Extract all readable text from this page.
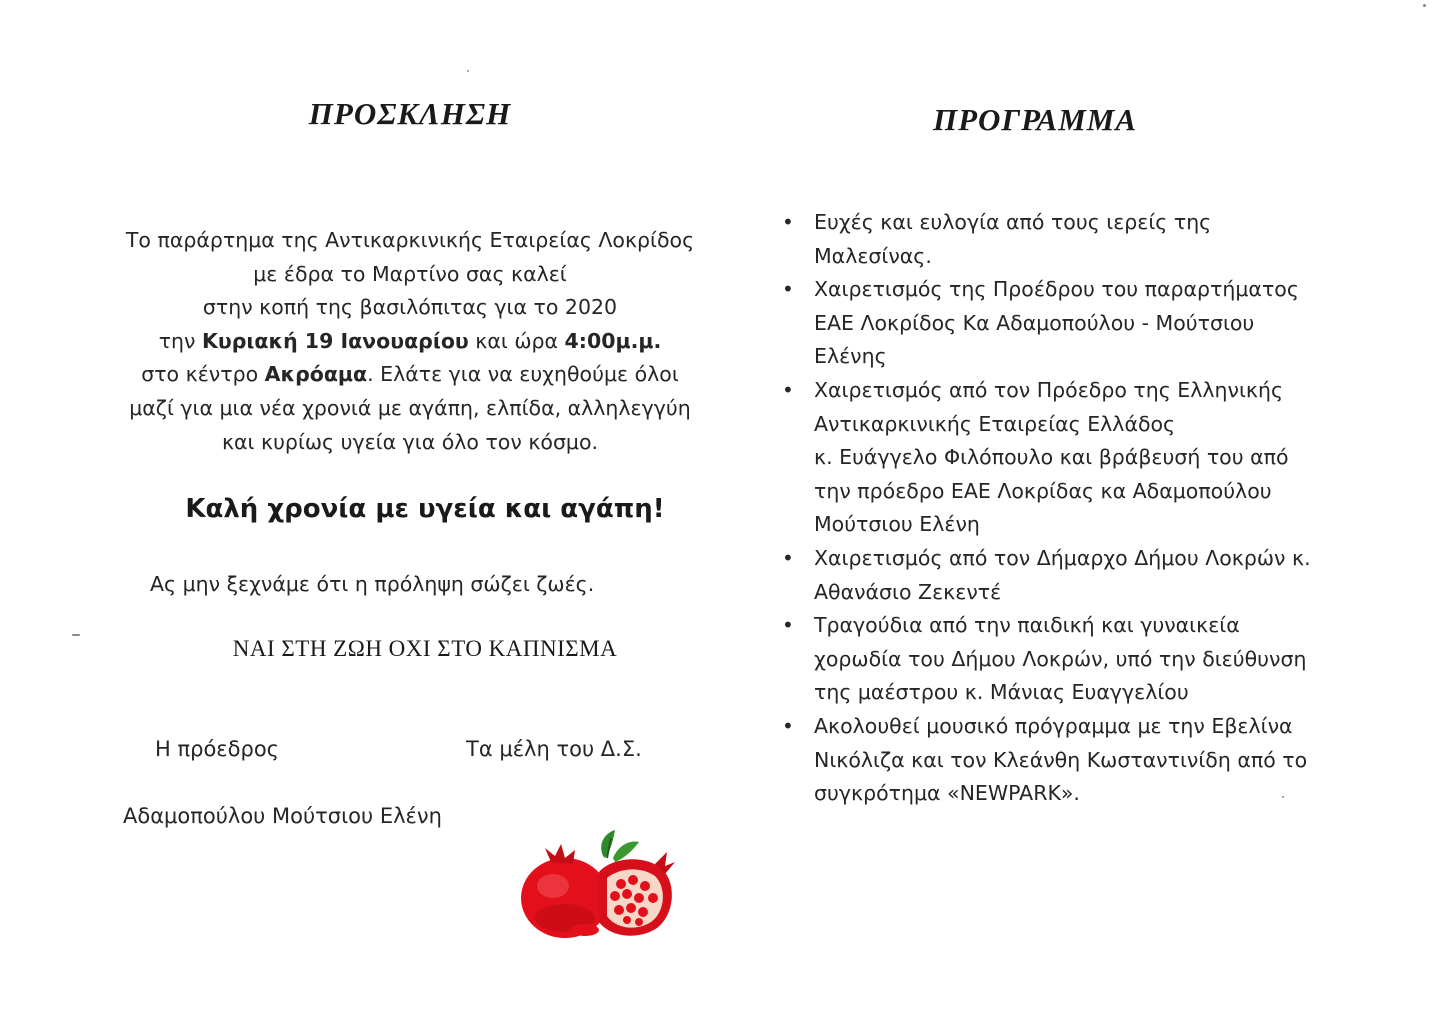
ΠΡΟΣΚΛΗΣΗ
Το παράρτημα της Αντικαρκινικής Εταιρείας Λοκρίδος
με έδρα το Μαρτίνο σας καλεί
στην κοπή της βασιλόπιτας για το 2020
την Κυριακή 19 Ιανουαρίου και ώρα 4:00μ.μ.
στο κέντρο Ακρόαμα. Ελάτε για να ευχηθούμε όλοι
μαζί για μια νέα χρονιά με αγάπη, ελπίδα, αλληλεγγύη
και κυρίως υγεία για όλο τον κόσμο.
Καλή χρονία με υγεία και αγάπη!
Ας μην ξεχνάμε ότι η πρόληψη σώζει ζωές.
ΝΑΙ ΣΤΗ ΖΩΗ ΟΧΙ ΣΤΟ ΚΑΠΝΙΣΜΑ
Η πρόεδρος	Τα μέλη του Δ.Σ.
Αδαμοπούλου Μούτσιου Ελένη
ΠΡΟΓΡΑΜΜΑ
• Ευχές και ευλογία από τους ιερείς της
Μαλεσίνας.
• Χαιρετισμός της Προέδρου του παραρτήματος
ΕΑΕ Λοκρίδος Κα Αδαμοπούλου - Μούτσιου
Ελένης
• Χαιρετισμός από τον Πρόεδρο της Ελληνικής
Αντικαρκινικής Εταιρείας Ελλάδος
κ. Ευάγγελο Φιλόπουλο και βράβευσή του από
την πρόεδρο ΕΑΕ Λοκρίδας κα Αδαμοπούλου
Μούτσιου Ελένη
• Χαιρετισμός από τον Δήμαρχο Δήμου Λοκρών κ.
Αθανάσιο Ζεκεντέ
• Τραγούδια από την παιδική και γυναικεία
χορωδία του Δήμου Λοκρών, υπό την διεύθυνση
της μαέστρου κ. Μάνιας Ευαγγελίου
• Ακολουθεί μουσικό πρόγραμμα με την Εβελίνα
Νικόλιζα και τον Κλεάνθη Κωσταντινίδη από το
συγκρότημα «NEWPARK».
